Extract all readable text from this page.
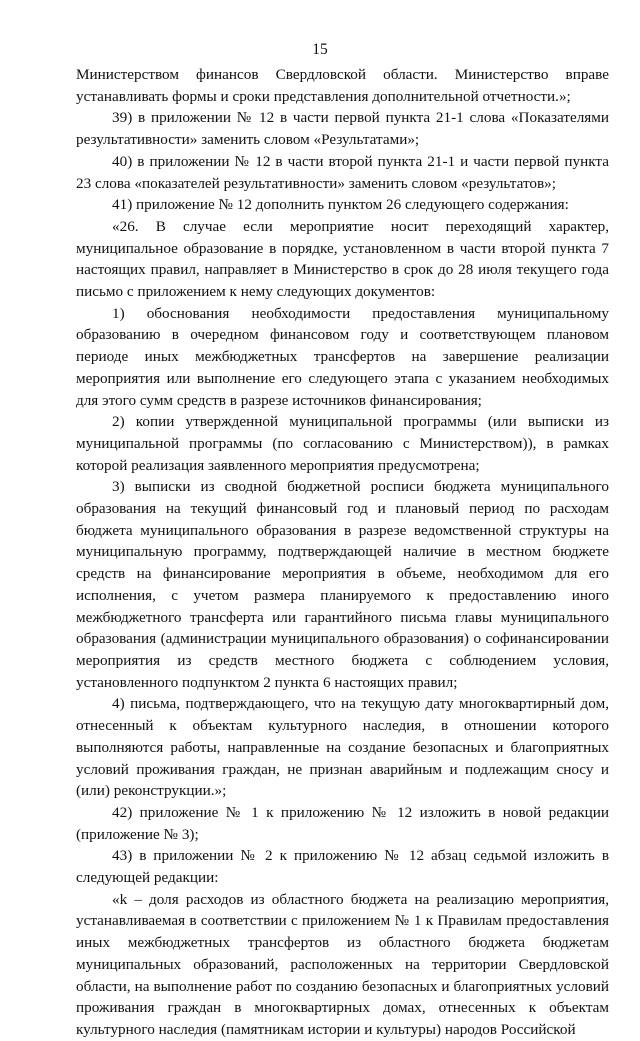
15

Министерством финансов Свердловской области. Министерство вправе устанавливать формы и сроки представления дополнительной отчетности.»;

39) в приложении № 12 в части первой пункта 21-1 слова «Показателями результативности» заменить словом «Результатами»;

40) в приложении № 12 в части второй пункта 21-1 и части первой пункта 23 слова «показателей результативности» заменить словом «результатов»;

41) приложение № 12 дополнить пунктом 26 следующего содержания:

«26. В случае если мероприятие носит переходящий характер, муниципальное образование в порядке, установленном в части второй пункта 7 настоящих правил, направляет в Министерство в срок до 28 июля текущего года письмо с приложением к нему следующих документов:

1) обоснования необходимости предоставления муниципальному образованию в очередном финансовом году и соответствующем плановом периоде иных межбюджетных трансфертов на завершение реализации мероприятия или выполнение его следующего этапа с указанием необходимых для этого сумм средств в разрезе источников финансирования;

2) копии утвержденной муниципальной программы (или выписки из муниципальной программы (по согласованию с Министерством)), в рамках которой реализация заявленного мероприятия предусмотрена;

3) выписки из сводной бюджетной росписи бюджета муниципального образования на текущий финансовый год и плановый период по расходам бюджета муниципального образования в разрезе ведомственной структуры на муниципальную программу, подтверждающей наличие в местном бюджете средств на финансирование мероприятия в объеме, необходимом для его исполнения, с учетом размера планируемого к предоставлению иного межбюджетного трансферта или гарантийного письма главы муниципального образования (администрации муниципального образования) о софинансировании мероприятия из средств местного бюджета с соблюдением условия, установленного подпунктом 2 пункта 6 настоящих правил;

4) письма, подтверждающего, что на текущую дату многоквартирный дом, отнесенный к объектам культурного наследия, в отношении которого выполняются работы, направленные на создание безопасных и благоприятных условий проживания граждан, не признан аварийным и подлежащим сносу и (или) реконструкции.»;

42) приложение № 1 к приложению № 12 изложить в новой редакции (приложение № 3);

43) в приложении № 2 к приложению № 12 абзац седьмой изложить в следующей редакции:

«k – доля расходов из областного бюджета на реализацию мероприятия, устанавливаемая в соответствии с приложением № 1 к Правилам предоставления иных межбюджетных трансфертов из областного бюджета бюджетам муниципальных образований, расположенных на территории Свердловской области, на выполнение работ по созданию безопасных и благоприятных условий проживания граждан в многоквартирных домах, отнесенных к объектам культурного наследия (памятникам истории и культуры) народов Российской
